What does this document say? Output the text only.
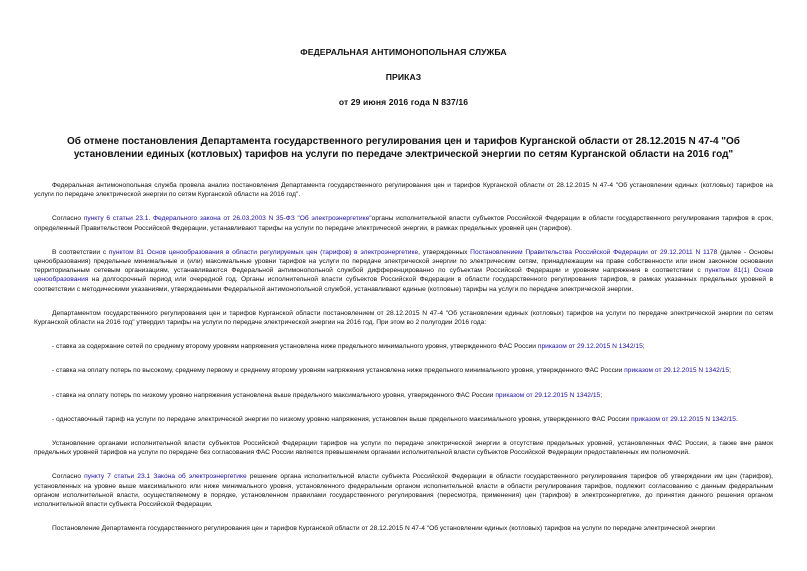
ФЕДЕРАЛЬНАЯ АНТИМОНОПОЛЬНАЯ СЛУЖБА
ПРИКАЗ
от 29 июня 2016 года N 837/16
Об отмене постановления Департамента государственного регулирования цен и тарифов Курганской области от 28.12.2015 N 47-4 "Об установлении единых (котловых) тарифов на услуги по передаче электрической энергии по сетям Курганской области на 2016 год"

Федеральная антимонопольная служба провела анализ постановления Департамента государственного регулирования цен и тарифов Курганской области от 28.12.2015 N 47-4 "Об установлении единых (котловых) тарифов на услуги по передаче электрической энергии по сетям Курганской области на 2016 год".

Согласно пункту 6 статьи 23.1. Федерального закона от 26.03.2003 N 35-ФЗ "Об электроэнергетике"органы исполнительной власти субъектов Российской Федерации в области государственного регулирования тарифов в срок, определенный Правительством Российской Федерации, устанавливают тарифы на услуги по передаче электрической энергии, в рамках предельных уровней цен (тарифов).

В соответствии с пунктом 81 Основ ценообразования в области регулируемых цен (тарифов) в электроэнергетике, утвержденных Постановлением Правительства Российской Федерации от 29.12.2011 N 1178 (далее - Основы ценообразования) предельные минимальные и (или) максимальные уровни тарифов на услуги по передаче электрической энергии по электрическим сетям, принадлежащим на праве собственности или ином законном основании территориальным сетевым организациям, устанавливаются Федеральной антимонопольной службой дифференцированно по субъектам Российской Федерации и уровням напряжения в соответствии с пунктом 81(1) Основ ценообразования на долгосрочный период или очередной год. Органы исполнительной власти субъектов Российской Федерации в области государственного регулирования тарифов, в рамках указанных предельных уровней в соответствии с методическими указаниями, утверждаемыми Федеральной антимонопольной службой, устанавливают единые (котловые) тарифы на услуги по передаче электрической энергии.

Департаментом государственного регулирования цен и тарифов Курганской области постановлением от 28.12.2015 N 47-4 "Об установлении единых (котловых) тарифов на услуги по передаче электрической энергии по сетям Курганской области на 2016 год" утвердил тарифы на услуги по передаче электрической энергии на 2016 год. При этом во 2 полугодии 2016 года:

- ставка за содержание сетей по среднему второму уровням напряжения установлена ниже предельного минимального уровня, утвержденного ФАС России приказом от 29.12.2015 N 1342/15;

- ставка на оплату потерь по высокому, среднему первому и среднему второму уровням напряжения установлена ниже предельного минимального уровня, утвержденного ФАС России приказом от 29.12.2015 N 1342/15;

- ставка на оплату потерь по низкому уровню напряжения установлена выше предельного максимального уровня, утвержденного ФАС России приказом от 29.12.2015 N 1342/15;

- одноставочный тариф на услуги по передаче электрической энергии по низкому уровню напряжения, установлен выше предельного максимального уровня, утвержденного ФАС России приказом от 29.12.2015 N 1342/15.

Установление органами исполнительной власти субъектов Российской Федерации тарифов на услуги по передаче электрической энергии в отсутствие предельных уровней, установленных ФАС России, а также вне рамок предельных уровней тарифов на услуги по передаче без согласования ФАС России является превышением органами исполнительной власти субъектов Российской Федерации предоставленных им полномочий.

Согласно пункту 7 статьи 23.1 Закона об электроэнергетике решение органа исполнительной власти субъекта Российской Федерации в области государственного регулирования тарифов об утверждении им цен (тарифов), установленных на уровне выше максимального или ниже минимального уровня, установленного федеральным органом исполнительной власти в области регулирования тарифов, подлежит согласованию с данным федеральным органом исполнительной власти, осуществляемому в порядке, установленном правилами государственного регулирования (пересмотра, применения) цен (тарифов) в электроэнергетике, до принятия данного решения органом исполнительной власти субъекта Российской Федерации.

Постановление Департамента государственного регулирования цен и тарифов Курганской области от 28.12.2015 N 47-4 "Об установлении единых (котловых) тарифов на услуги по передаче электрической энергии
